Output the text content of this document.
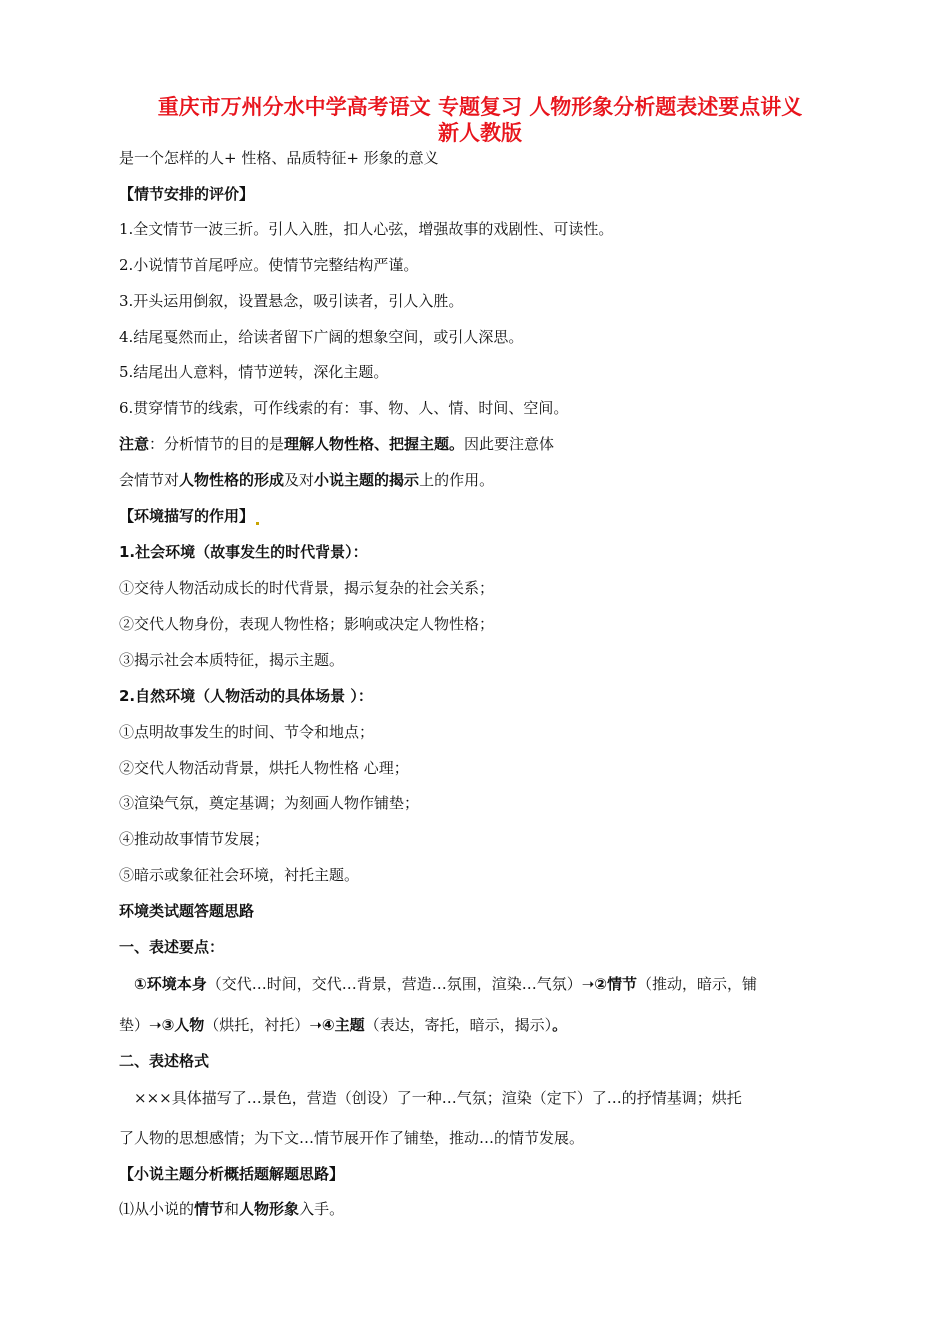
重庆市万州分水中学高考语文 专题复习 人物形象分析题表述要点讲义
新人教版
是一个怎样的人+ 性格、品质特征+ 形象的意义
【情节安排的评价】
1.全文情节一波三折。引人入胜，扣人心弦，增强故事的戏剧性、可读性。
2.小说情节首尾呼应。使情节完整结构严谨。
3.开头运用倒叙，设置悬念，吸引读者，引人入胜。
4.结尾戛然而止，给读者留下广阔的想象空间，或引人深思。
5.结尾出人意料，情节逆转，深化主题。
6.贯穿情节的线索，可作线索的有：事、物、人、情、时间、空间。
注意：分析情节的目的是理解人物性格、把握主题。因此要注意体
会情节对人物性格的形成及对小说主题的揭示上的作用。
【环境描写的作用】
1.社会环境（故事发生的时代背景）：
①交待人物活动成长的时代背景，揭示复杂的社会关系；
②交代人物身份，表现人物性格；影响或决定人物性格；
③揭示社会本质特征，揭示主题。
2.自然环境（人物活动的具体场景 ）：
①点明故事发生的时间、节令和地点；
②交代人物活动背景，烘托人物性格 心理；
③渲染气氛，奠定基调；为刻画人物作铺垫；
④推动故事情节发展；
⑤暗示或象征社会环境，衬托主题。
环境类试题答题思路
一、表述要点：
①环境本身（交代…时间，交代…背景，营造…氛围，渲染…气氛）➝②情节（推动，暗示，铺
垫）➝③人物（烘托，衬托）➝④主题（表达，寄托，暗示，揭示）。
二、表述格式
×××具体描写了…景色，营造（创设）了一种…气氛；渲染（定下）了…的抒情基调；烘托
了人物的思想感情；为下文…情节展开作了铺垫，推动…的情节发展。
【小说主题分析概括题解题思路】
⑴从小说的情节和人物形象入手。
